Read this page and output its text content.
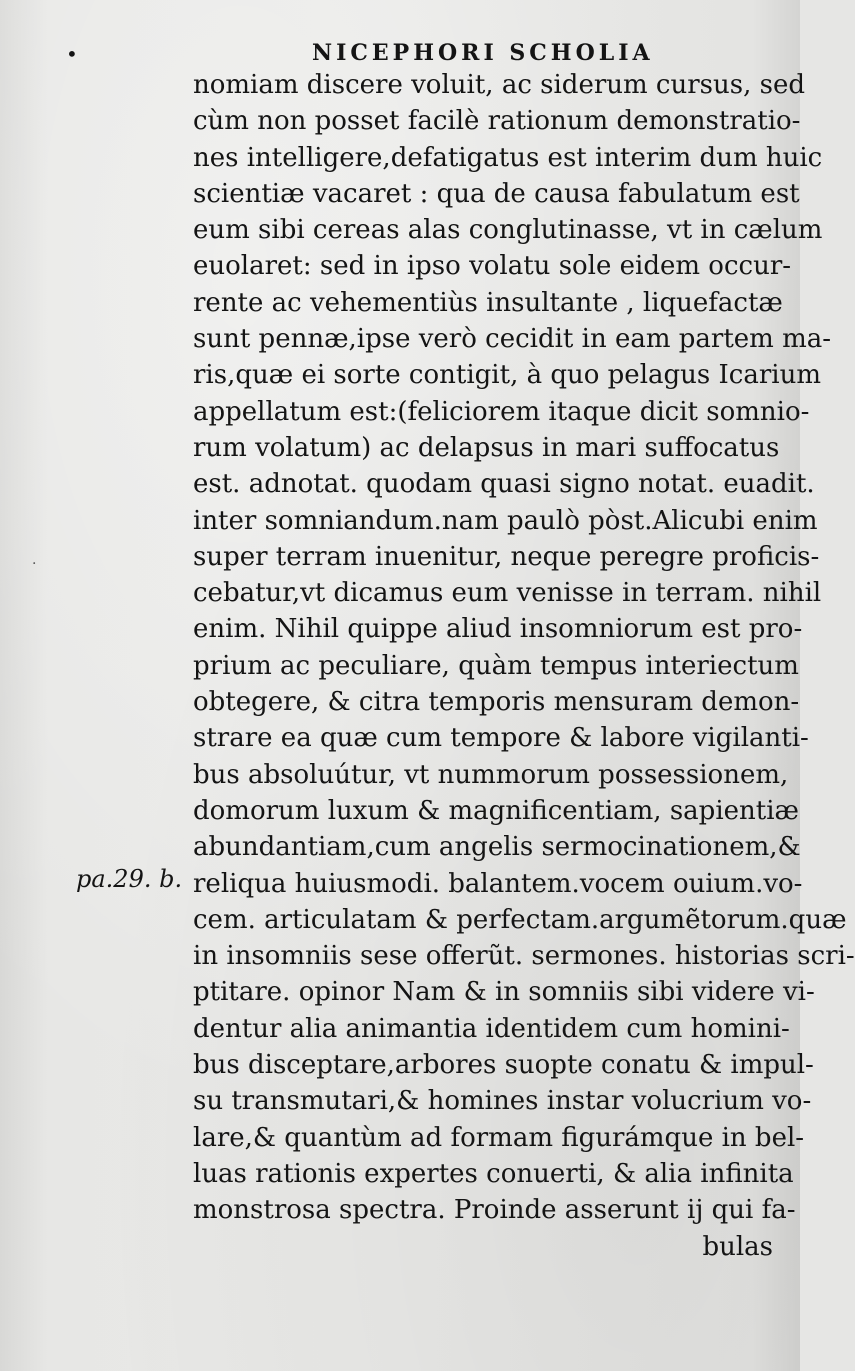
•	NICEPHORI SCHOLIA
·
pa.29. b.
nomiam discere voluit, ac siderum cursus, sed
cùm non posset facilè rationum demonstratio-
nes intelligere,defatigatus est interim dum huic
scientiæ vacaret : qua de causa fabulatum est
eum sibi cereas alas conglutinasse, vt in cælum
euolaret: sed in ipso volatu sole eidem occur-
rente ac vehementiùs insultante , liquefactæ
sunt pennæ,ipse verò cecidit in eam partem ma-
ris,quæ ei sorte contigit, à quo pelagus Icarium
appellatum est:(feliciorem itaque dicit somnio-
rum volatum) ac delapsus in mari suffocatus
est. adnotat. quodam quasi signo notat. euadit.
inter somniandum.nam paulò pòst.Alicubi enim
super terram inuenitur, neque peregre proficis-
cebatur,vt dicamus eum venisse in terram. nihil
enim. Nihil quippe aliud insomniorum est pro-
prium ac peculiare, quàm tempus interiectum
obtegere, & citra temporis mensuram demon-
strare ea quæ cum tempore & labore vigilanti-
bus absoluútur, vt nummorum possessionem,
domorum luxum & magnificentiam, sapientiæ
abundantiam,cum angelis sermocinationem,&
reliqua huiusmodi. balantem.vocem ouium.vo-
cem. articulatam & perfectam.argumẽtorum.quæ
in insomniis sese offerũt. sermones. historias scri-
ptitare. opinor Nam & in somniis sibi videre vi-
dentur alia animantia identidem cum homini-
bus disceptare,arbores suopte conatu & impul-
su transmutari,& homines instar volucrium vo-
lare,& quantùm ad formam figurámque in bel-
luas rationis expertes conuerti, & alia infinita
monstrosa spectra. Proinde asserunt ij qui fa-
bulas
